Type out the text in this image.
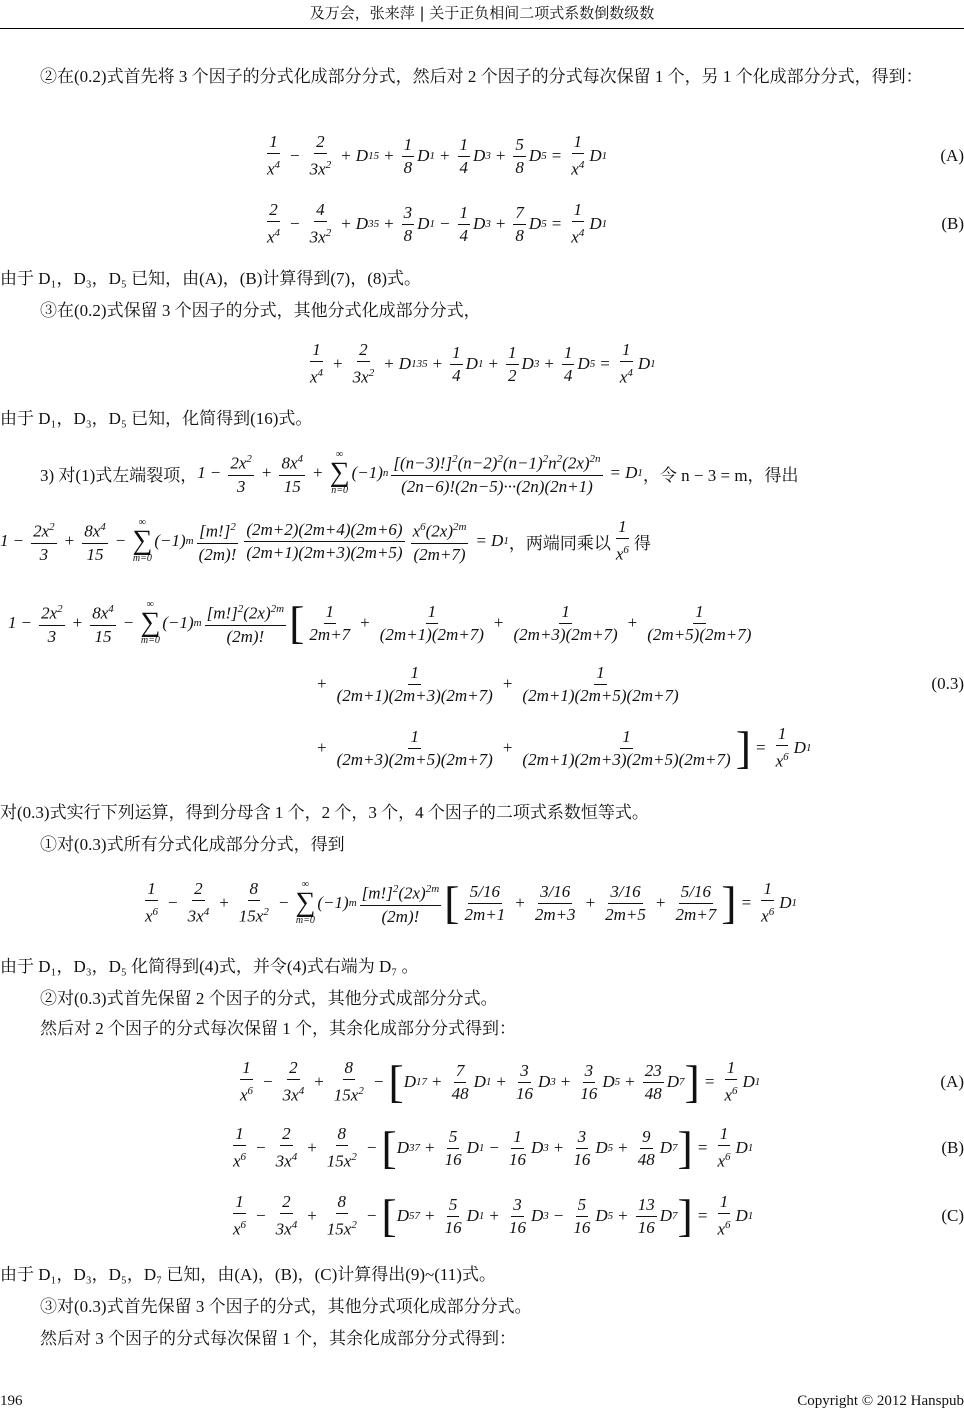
及万会，张来萍 | 关于正负相间二项式系数倒数级数
②在(0.2)式首先将 3 个因子的分式化成部分分式，然后对 2 个因子的分式每次保留 1 个，另 1 个化成部分分式，得到：
$\frac{1}{x^4} - \frac{2}{3x^2} + D$ $15 + \frac{1}{8}$ D $1 + \frac{1}{4}$ D $3 + \frac{5}{8}$ D $5 = \frac{1}{x^4}$ D 1	(A)
$\frac{2}{x^4} - \frac{4}{3x^2} + D$ $35 + \frac{3}{8}$ D $1 - \frac{1}{4}$ D $3 + \frac{7}{8}$ D $5 = \frac{1}{x^4}$ D 1	(B)
由于 D₁，D₃，D₅ 已知，由(A)，(B)计算得到(7)，(8)式。
③在(0.2)式保留 3 个因子的分式，其他分式化成部分分式，
$\frac{1}{x^4} + \frac{2}{3x^2} + D$ $135 + \frac{1}{4}$ D $1 + \frac{1}{2}$ D $3 + \frac{1}{4}$ D $5 = \frac{1}{x^4}$ D 1
由于 D₁，D₃，D₅ 已知，化简得到(16)式。
3) 对(1)式左端裂项， $1 - \frac{2x^2}{3} + \frac{8x^4}{15}$ +
∞
∑
n=0
(−1) n $\frac{[(n-3)!]^2(n-2)^2(n-1)^2n^2(2x)^{2n}}{(2n-6)!(2n-5)\cdot\cdot\cdot(2n)(2n+1)} = D$ 1 ，令 n − 3 = m，得出
$1 - \frac{2x^2}{3} + \frac{8x^4}{15}$ −
∞
∑
m=0
(−1) m $\frac{[m!]^2}{(2m)!} \frac{(2m+2)(2m+4)(2m+6)}{(2m+1)(2m+3)(2m+5)} \frac{x^6(2x)^{2m}}{(2m+7)} = D$ 1 ，两端同乘以 $\frac{1}{x^6}$ 得
$1 - \frac{2x^2}{3} + \frac{8x^4}{15}$ −
∞
∑
m=0
(−1) m $\frac{[m!]^2(2x)^{2m}}{(2m)!}$ [ $\frac{1}{2m+7} + \frac{1}{(2m+1)(2m+7)} + \frac{1}{(2m+3)(2m+7)} + \frac{1}{(2m+5)(2m+7)}$
+ $\frac{1}{(2m+1)(2m+3)(2m+7)} + \frac{1}{(2m+1)(2m+5)(2m+7)}$	(0.3)
+ $\frac{1}{(2m+3)(2m+5)(2m+7)} + \frac{1}{(2m+1)(2m+3)(2m+5)(2m+7)}$ ] = $\frac{1}{x^6}$ D 1
对(0.3)式实行下列运算，得到分母含 1 个，2 个，3 个，4 个因子的二项式系数恒等式。
①对(0.3)式所有分式化成部分分式，得到
$\frac{1}{x^6} - \frac{2}{3x^4} + \frac{8}{15x^2}$ −
∞
∑
m=0
(−1) m $\frac{[m!]^2(2x)^{2m}}{(2m)!}$ [ $\frac{5/16}{2m+1} + \frac{3/16}{2m+3} + \frac{3/16}{2m+5} + \frac{5/16}{2m+7}$ ] = $\frac{1}{x^6}$ D 1
由于 D₁，D₃，D₅ 化简得到(4)式，并令(4)式右端为 D₇ 。
②对(0.3)式首先保留 2 个因子的分式，其他分式成部分分式。
然后对 2 个因子的分式每次保留 1 个，其余化成部分分式得到：
$\frac{1}{x^6} - \frac{2}{3x^4} + \frac{8}{15x^2}$ − [ D $17 + \frac{7}{48}$ D $1 + \frac{3}{16}$ D $3 + \frac{3}{16}$ D $5 + \frac{23}{48}$ D 7 ] = $\frac{1}{x^6}$ D 1	(A)
$\frac{1}{x^6} - \frac{2}{3x^4} + \frac{8}{15x^2}$ − [ D $37 + \frac{5}{16}$ D $1 - \frac{1}{16}$ D $3 + \frac{3}{16}$ D $5 + \frac{9}{48}$ D 7 ] = $\frac{1}{x^6}$ D 1	(B)
$\frac{1}{x^6} - \frac{2}{3x^4} + \frac{8}{15x^2}$ − [ D $57 + \frac{5}{16}$ D $1 + \frac{3}{16}$ D $3 - \frac{5}{16}$ D $5 + \frac{13}{16}$ D 7 ] = $\frac{1}{x^6}$ D 1	(C)
由于 D₁，D₃，D₅，D₇ 已知，由(A)，(B)，(C)计算得出(9)~(11)式。
③对(0.3)式首先保留 3 个因子的分式，其他分式项化成部分分式。
然后对 3 个因子的分式每次保留 1 个，其余化成部分分式得到：
196	Copyright © 2012 Hanspub
